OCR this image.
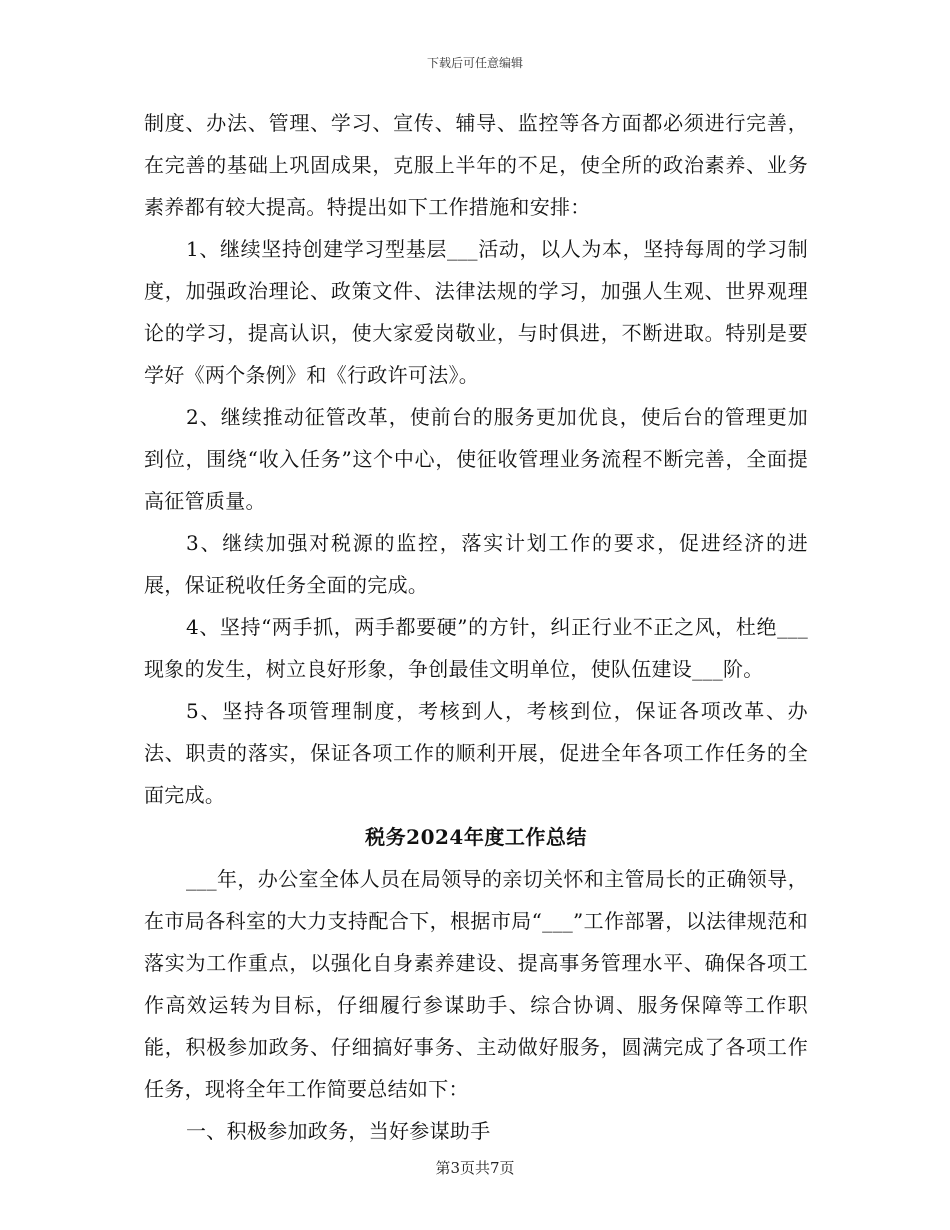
下载后可任意编辑

制度、办法、管理、学习、宣传、辅导、监控等各方面都必须进行完善，在完善的基础上巩固成果，克服上半年的不足，使全所的政治素养、业务素养都有较大提高。特提出如下工作措施和安排：

1、继续坚持创建学习型基层___活动，以人为本，坚持每周的学习制度，加强政治理论、政策文件、法律法规的学习，加强人生观、世界观理论的学习，提高认识，使大家爱岗敬业，与时俱进，不断进取。特别是要学好《两个条例》和《行政许可法》。

2、继续推动征管改革，使前台的服务更加优良，使后台的管理更加到位，围绕“收入任务”这个中心，使征收管理业务流程不断完善，全面提高征管质量。

3、继续加强对税源的监控，落实计划工作的要求，促进经济的进展，保证税收任务全面的完成。

4、坚持“两手抓，两手都要硬”的方针，纠正行业不正之风，杜绝___现象的发生，树立良好形象，争创最佳文明单位，使队伍建设___阶。

5、坚持各项管理制度，考核到人，考核到位，保证各项改革、办法、职责的落实，保证各项工作的顺利开展，促进全年各项工作任务的全面完成。

税务2024年度工作总结

___年，办公室全体人员在局领导的亲切关怀和主管局长的正确领导，在市局各科室的大力支持配合下，根据市局“___”工作部署，以法律规范和落实为工作重点，以强化自身素养建设、提高事务管理水平、确保各项工作高效运转为目标，仔细履行参谋助手、综合协调、服务保障等工作职能，积极参加政务、仔细搞好事务、主动做好服务，圆满完成了各项工作任务，现将全年工作简要总结如下：

一、积极参加政务，当好参谋助手

第3页共7页
